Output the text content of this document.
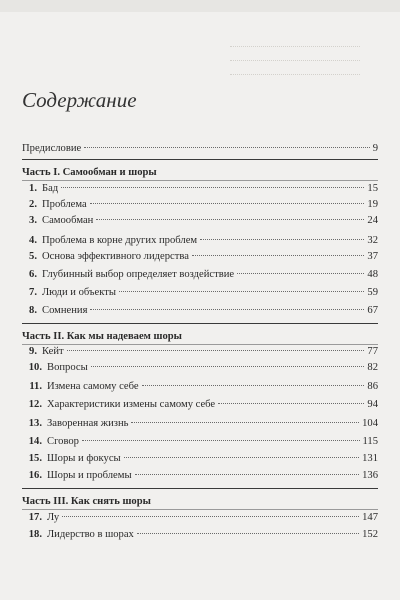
Содержание
Предисловие	9
Часть I. Самообман и шоры
1. Бад	15
2. Проблема	19
3. Самообман	24
4. Проблема в корне других проблем	32
5. Основа эффективного лидерства	37
6. Глубинный выбор определяет воздействие	48
7. Люди и объекты	59
8. Сомнения	67
Часть II. Как мы надеваем шоры
9. Кейт	77
10. Вопросы	82
11. Измена самому себе	86
12. Характеристики измены самому себе	94
13. Заворенная жизнь	104
14. Сговор	115
15. Шоры и фокусы	131
16. Шоры и проблемы	136
Часть III. Как снять шоры
17. Лу	147
18. Лидерство в шорах	152
